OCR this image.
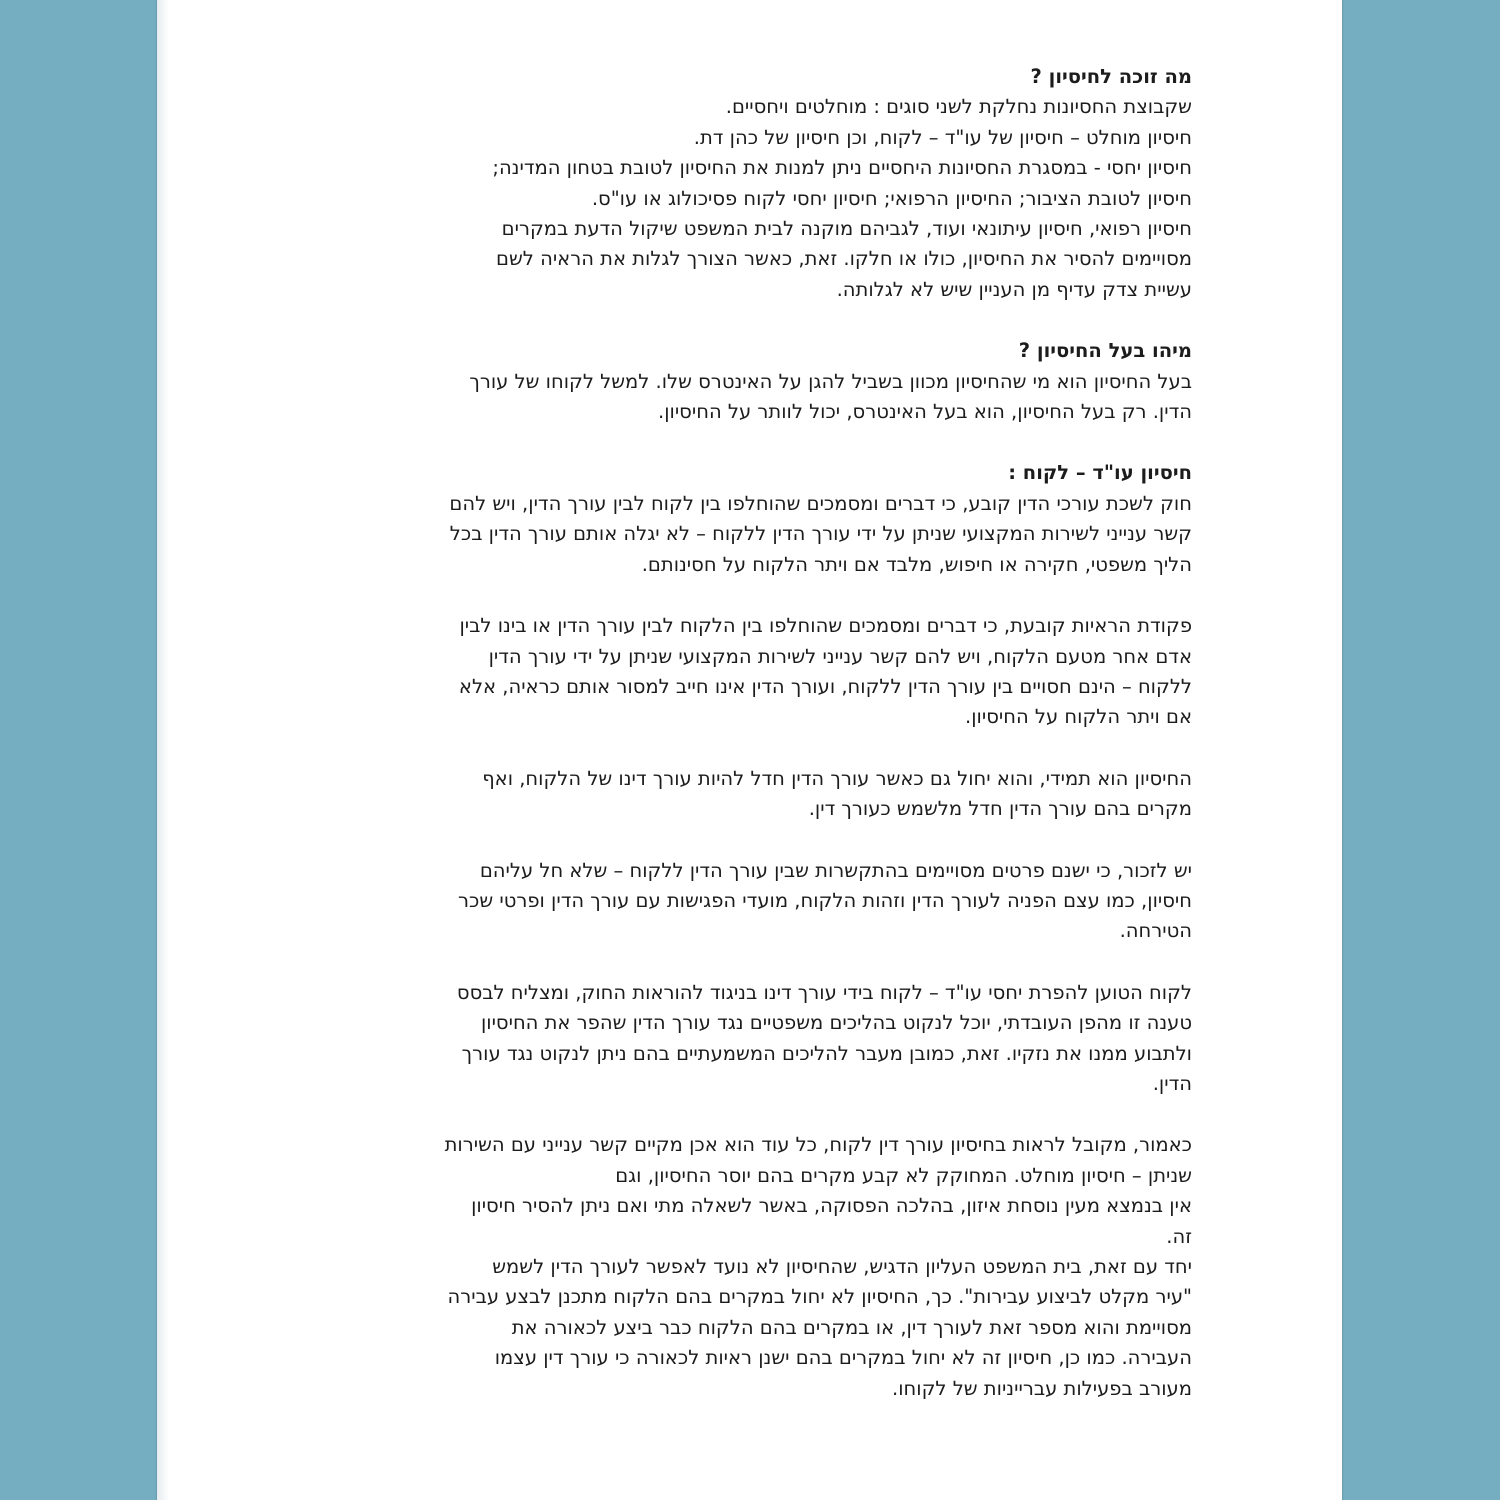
מה זוכה לחיסיון ?
שקבוצת החסיונות נחלקת לשני סוגים : מוחלטים ויחסיים.
חיסיון מוחלט – חיסיון של עו"ד – לקוח, וכן חיסיון של כהן דת.
חיסיון יחסי - במסגרת החסיונות היחסיים ניתן למנות את החיסיון לטובת בטחון המדינה;
חיסיון לטובת הציבור; החיסיון הרפואי; חיסיון יחסי לקוח פסיכולוג או עו"ס.
חיסיון רפואי, חיסיון עיתונאי ועוד, לגביהם מוקנה לבית המשפט שיקול הדעת במקרים
מסויימים להסיר את החיסיון, כולו או חלקו. זאת, כאשר הצורך לגלות את הראיה לשם
עשיית צדק עדיף מן העניין שיש לא לגלותה.
מיהו בעל החיסיון ?
בעל החיסיון הוא מי שהחיסיון מכוון בשביל להגן על האינטרס שלו. למשל לקוחו של עורך
הדין. רק בעל החיסיון, הוא בעל האינטרס, יכול לוותר על החיסיון.
חיסיון עו"ד – לקוח :
חוק לשכת עורכי הדין קובע, כי דברים ומסמכים שהוחלפו בין לקוח לבין עורך הדין, ויש להם
קשר ענייני לשירות המקצועי שניתן על ידי עורך הדין ללקוח – לא יגלה אותם עורך הדין בכל
הליך משפטי, חקירה או חיפוש, מלבד אם ויתר הלקוח על חסינותם.
פקודת הראיות קובעת, כי דברים ומסמכים שהוחלפו בין הלקוח לבין עורך הדין או בינו לבין
אדם אחר מטעם הלקוח, ויש להם קשר ענייני לשירות המקצועי שניתן על ידי עורך הדין
ללקוח – הינם חסויים בין עורך הדין ללקוח, ועורך הדין אינו חייב למסור אותם כראיה, אלא
אם ויתר הלקוח על החיסיון.
החיסיון הוא תמידי, והוא יחול גם כאשר עורך הדין חדל להיות עורך דינו של הלקוח, ואף
מקרים בהם עורך הדין חדל מלשמש כעורך דין.
יש לזכור, כי ישנם פרטים מסויימים בהתקשרות שבין עורך הדין ללקוח – שלא חל עליהם
חיסיון, כמו עצם הפניה לעורך הדין וזהות הלקוח, מועדי הפגישות עם עורך הדין ופרטי שכר
הטירחה.
לקוח הטוען להפרת יחסי עו"ד – לקוח בידי עורך דינו בניגוד להוראות החוק, ומצליח לבסס
טענה זו מהפן העובדתי, יוכל לנקוט בהליכים משפטיים נגד עורך הדין שהפר את החיסיון
ולתבוע ממנו את נזקיו. זאת, כמובן מעבר להליכים המשמעתיים בהם ניתן לנקוט נגד עורך
הדין.
כאמור, מקובל לראות בחיסיון עורך דין לקוח, כל עוד הוא אכן מקיים קשר ענייני עם השירות
שניתן – חיסיון מוחלט. המחוקק לא קבע מקרים בהם יוסר החיסיון, וגם
אין בנמצא מעין נוסחת איזון, בהלכה הפסוקה, באשר לשאלה מתי ואם ניתן להסיר חיסיון
זה.
יחד עם זאת, בית המשפט העליון הדגיש, שהחיסיון לא נועד לאפשר לעורך הדין לשמש
"עיר מקלט לביצוע עבירות". כך, החיסיון לא יחול במקרים בהם הלקוח מתכנן לבצע עבירה
מסויימת והוא מספר זאת לעורך דין, או במקרים בהם הלקוח כבר ביצע לכאורה את
העבירה. כמו כן, חיסיון זה לא יחול במקרים בהם ישנן ראיות לכאורה כי עורך דין עצמו
מעורב בפעילות עברייניות של לקוחו.
